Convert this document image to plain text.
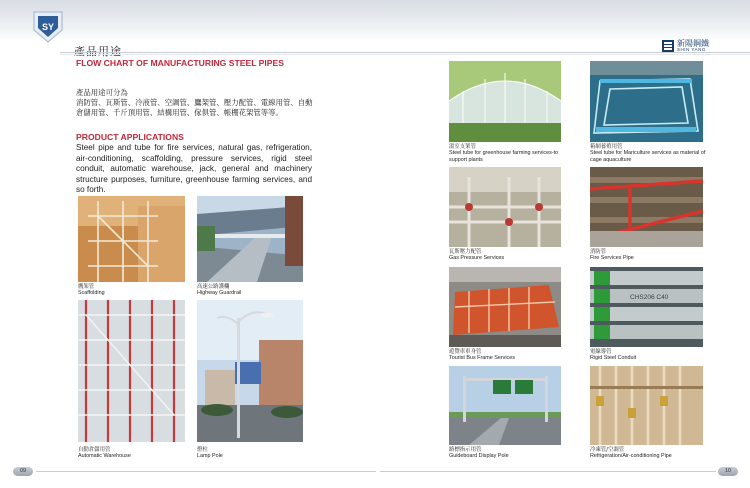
SY
新陽鋼鐵
SHIN YANG
FLOW CHART OF MANUFACTURING STEEL PIPES
產品用途可分為
消防管、瓦斯管、冷液管、空調管、鷹架管、壓力配管、電線用管、自動倉儲用管、千斤頂用管、結構用管、傢俱管、帳棚花架管等等。
PRODUCT APPLICATIONS
Steel pipe and tube for fire services, natural gas, refrigeration, air-conditioning, scaffolding, pressure services, rigid steel conduit, automatic warehouse, jack, general and machinery structure purposes, furniture, greenhouse farming services, and so forth.
鷹架管
Scaffolding
高速公路護欄
Highway Guardrail
自動倉儲用管
Automatic Warehouse
燈柱
Lamp Pole
溫室支架管
Steel tube for greenhouse farming services-to support plants
箱網養殖用管
Steel tube for Mariculture services as material of cage aquaculture
瓦斯壓力配管
Gas Pressure Services
消防管
Fire Services Pipe
遊覽車車身管
Tourist Bus Frame Services
CHS206 C40
電線導管
Rigid Steel Conduit
路標指示用管
Guideboard Display Pole
冷凍管/空調管
Refrigeration/Air-conditioning Pipe
09	10
